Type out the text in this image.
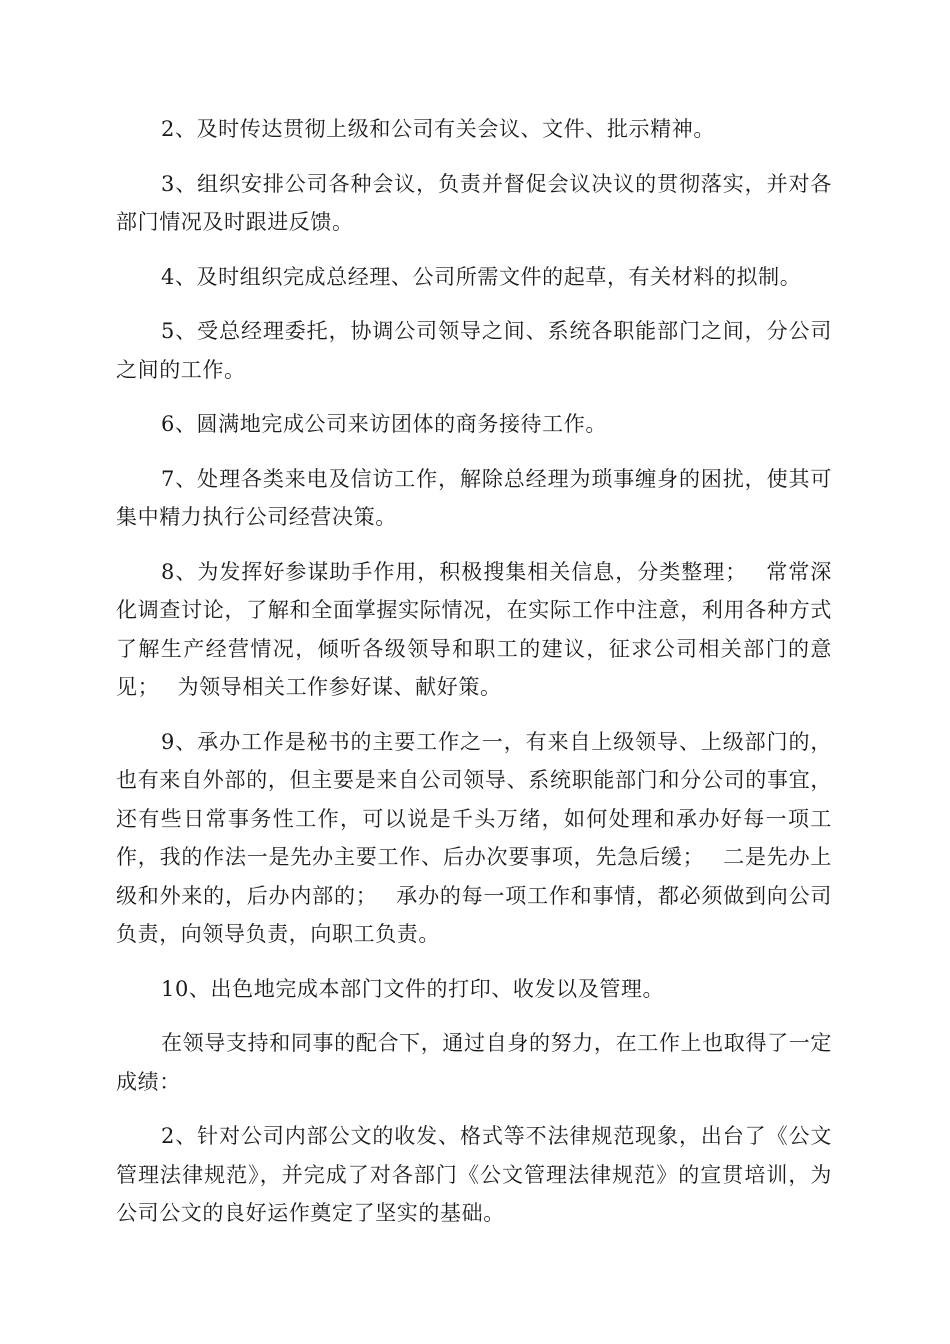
2、及时传达贯彻上级和公司有关会议、文件、批示精神。

3、组织安排公司各种会议，负责并督促会议决议的贯彻落实，并对各部门情况及时跟进反馈。

4、及时组织完成总经理、公司所需文件的起草，有关材料的拟制。

5、受总经理委托，协调公司领导之间、系统各职能部门之间，分公司之间的工作。

6、圆满地完成公司来访团体的商务接待工作。

7、处理各类来电及信访工作，解除总经理为琐事缠身的困扰，使其可集中精力执行公司经营决策。

8、为发挥好参谋助手作用，积极搜集相关信息，分类整理；　 常常深化调查讨论，了解和全面掌握实际情况，在实际工作中注意，利用各种方式了解生产经营情况，倾听各级领导和职工的建议，征求公司相关部门的意见；　 为领导相关工作参好谋、献好策。

9、承办工作是秘书的主要工作之一，有来自上级领导、上级部门的，也有来自外部的，但主要是来自公司领导、系统职能部门和分公司的事宜，还有些日常事务性工作，可以说是千头万绪，如何处理和承办好每一项工作，我的作法一是先办主要工作、后办次要事项，先急后缓；　 二是先办上级和外来的，后办内部的；　 承办的每一项工作和事情，都必须做到向公司负责，向领导负责，向职工负责。

10、出色地完成本部门文件的打印、收发以及管理。

在领导支持和同事的配合下，通过自身的努力，在工作上也取得了一定成绩：

2、针对公司内部公文的收发、格式等不法律规范现象，出台了《公文管理法律规范》，并完成了对各部门《公文管理法律规范》的宣贯培训，为公司公文的良好运作奠定了坚实的基础。
